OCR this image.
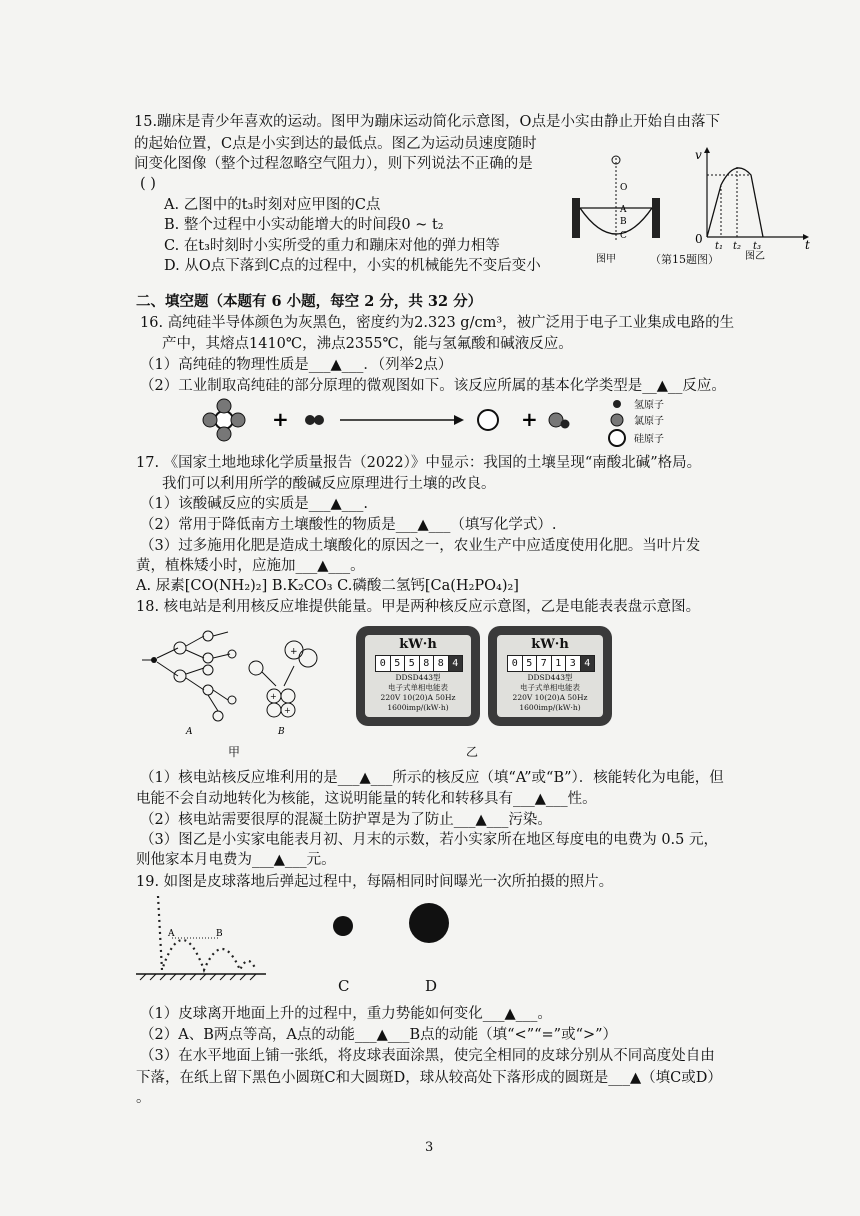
15.蹦床是青少年喜欢的运动。图甲为蹦床运动简化示意图，O点是小实由静止开始自由落下
的起始位置，C点是小实到达的最低点。图乙为运动员速度随时
间变化图像（整个过程忽略空气阻力），则下列说法不正确的是
( )
A. 乙图中的t₃时刻对应甲图的C点
B. 整个过程中小实动能增大的时间段0 ~ t₂
C. 在t₃时刻时小实所受的重力和蹦床对他的弹力相等
D. 从O点下落到C点的过程中，小实的机械能先不变后变小
O
A
B
C
图甲	（第15题图）
v
0
t₁ t₂ t₃	t
图乙
二、填空题（本题有 6 小题，每空 2 分，共 32 分）
16. 高纯硅半导体颜色为灰黑色，密度约为2.323 g/cm³，被广泛用于电子工业集成电路的生
产中，其熔点1410℃，沸点2355℃，能与氢氟酸和碱液反应。
（1）高纯硅的物理性质是___▲___．（列举2点）
（2）工业制取高纯硅的部分原理的微观图如下。该反应所属的基本化学类型是__▲__反应。
+	+
氢原子
氯原子
硅原子
17. 《国家土地地球化学质量报告（2022）》中显示：我国的土壤呈现“南酸北碱”格局。
我们可以利用所学的酸碱反应原理进行土壤的改良。
（1）该酸碱反应的实质是___▲___.
（2）常用于降低南方土壤酸性的物质是___▲___（填写化学式）.
（3）过多施用化肥是造成土壤酸化的原因之一，农业生产中应适度使用化肥。当叶片发
黄，植株矮小时，应施加___▲___。
A. 尿素[CO(NH₂)₂] B.K₂CO₃ C.磷酸二氢钙[Ca(H₂PO₄)₂]
18. 核电站是利用核反应堆提供能量。甲是两种核反应示意图，乙是电能表表盘示意图。
A
+
+
+
B
甲
kW·h
0 5 5 8 8 4
DDSD443型
电子式单相电能表
220V 10(20)A 50Hz
1600imp/(kW·h)
kW·h
0 5 7 1 3 4
DDSD443型
电子式单相电能表
220V 10(20)A 50Hz
1600imp/(kW·h)
乙
（1）核电站核反应堆利用的是___▲___所示的核反应（填“A”或“B”）．核能转化为电能，但
电能不会自动地转化为核能，这说明能量的转化和转移具有___▲___性。
（2）核电站需要很厚的混凝土防护罩是为了防止___▲___污染。
（3）图乙是小实家电能表月初、月末的示数，若小实家所在地区每度电的电费为 0.5 元，
则他家本月电费为___▲___元。
19. 如图是皮球落地后弹起过程中，每隔相同时间曝光一次所拍摄的照片。
A	B
C	D
（1）皮球离开地面上升的过程中，重力势能如何变化___▲___。
（2）A、B两点等高，A点的动能___▲___B点的动能（填“<”“=”或“>”）
（3）在水平地面上铺一张纸，将皮球表面涂黑，使完全相同的皮球分别从不同高度处自由
下落，在纸上留下黑色小圆斑C和大圆斑D，球从较高处下落形成的圆斑是___▲（填C或D）
。
3
